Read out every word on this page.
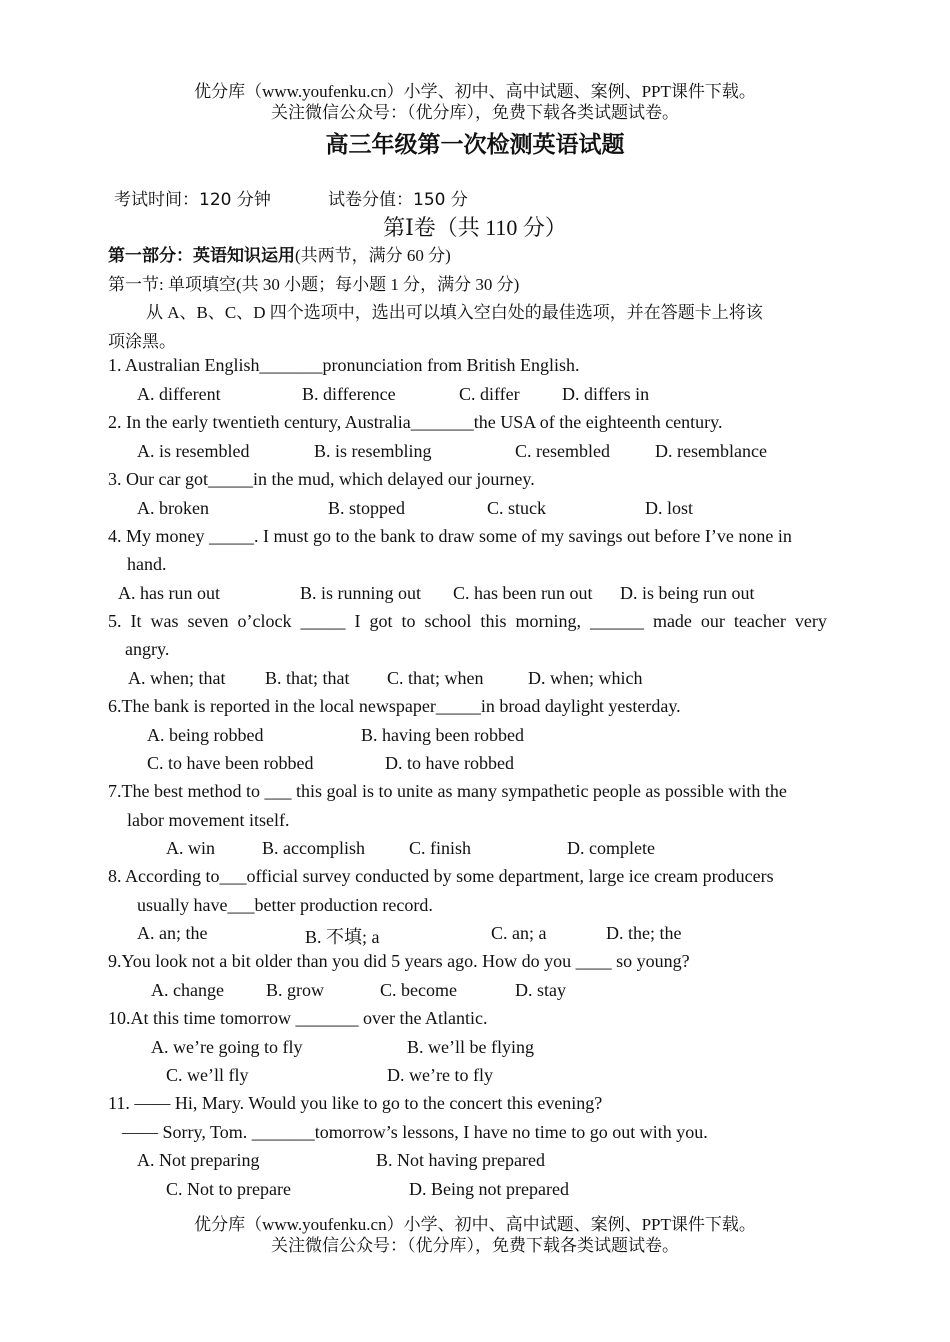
优分库（www.youfenku.cn）小学、初中、高中试题、案例、PPT课件下载。
关注微信公众号：（优分库），免费下载各类试题试卷。
高三年级第一次检测英语试题
考试时间：120 分钟	试卷分值：150 分
第Ⅰ卷（共 110 分）
第一部分：英语知识运用(共两节，满分 60 分)
第一节: 单项填空(共 30 小题；每小题 1 分，满分 30 分)
从 A、B、C、D 四个选项中，选出可以填入空白处的最佳选项，并在答题卡上将该
项涂黑。
1. Australian English_______pronunciation from British English.
A. different	B. difference	C. differ D. differs in
2. In the early twentieth century, Australia_______the USA of the eighteenth century.
A. is resembled	B. is resembling	C. resembled	D. resemblance
3. Our car got_____in the mud, which delayed our journey.
A. broken	B. stopped	C. stuck	D. lost
4. My money _____. I must go to the bank to draw some of my savings out before I’ve none in
hand.
A. has run out	B. is running out C. has been run out D. is being run out
5.  It  was  seven  o’clock  _____  I  got  to  school  this  morning,  ______  made  our  teacher  very
angry.
A. when; that B. that; that C. that; when D. when; which
6.The bank is reported in the local newspaper_____in broad daylight yesterday.
A. being robbed	B. having been robbed
C. to have been robbed	D. to have robbed
7.The best method to ___ this goal is to unite as many sympathetic people as possible with the
labor movement itself.
A. win	B. accomplish C. finish	D. complete
8. According to___official survey conducted by some department, large ice cream producers
usually have___better production record.
A. an; the	B. 不填; a	C. an; a	D. the; the
9.You look not a bit older than you did 5 years ago. How do you ____ so young?
A. change B. grow	C. become	D. stay
10.At this time tomorrow _______ over the Atlantic.
A. we’re going to fly	B. we’ll be flying
C. we’ll fly	D. we’re to fly
11. —— Hi, Mary. Would you like to go to the concert this evening?
—— Sorry, Tom. _______tomorrow’s lessons, I have no time to go out with you.
A. Not preparing	B. Not having prepared
C. Not to prepare	D. Being not prepared
优分库（www.youfenku.cn）小学、初中、高中试题、案例、PPT课件下载。
关注微信公众号：（优分库），免费下载各类试题试卷。
